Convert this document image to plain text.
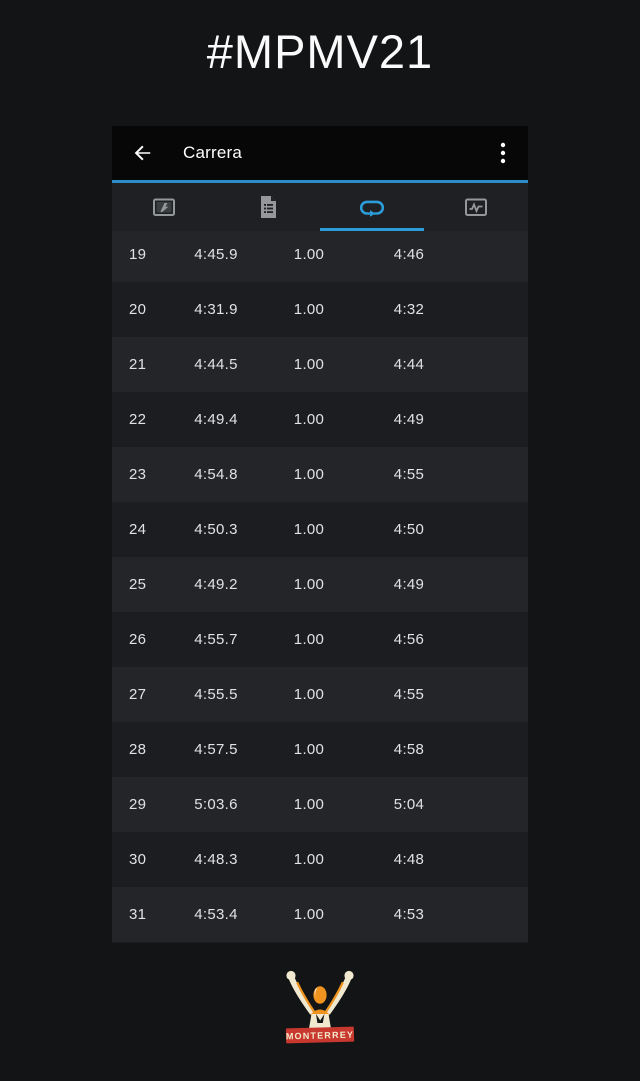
#MPMV21
Carrera
19	4:45.9	1.00	4:46
20	4:31.9	1.00	4:32
21	4:44.5	1.00	4:44
22	4:49.4	1.00	4:49
23	4:54.8	1.00	4:55
24	4:50.3	1.00	4:50
25	4:49.2	1.00	4:49
26	4:55.7	1.00	4:56
27	4:55.5	1.00	4:55
28	4:57.5	1.00	4:58
29	5:03.6	1.00	5:04
30	4:48.3	1.00	4:48
31	4:53.4	1.00	4:53
MONTERREY
